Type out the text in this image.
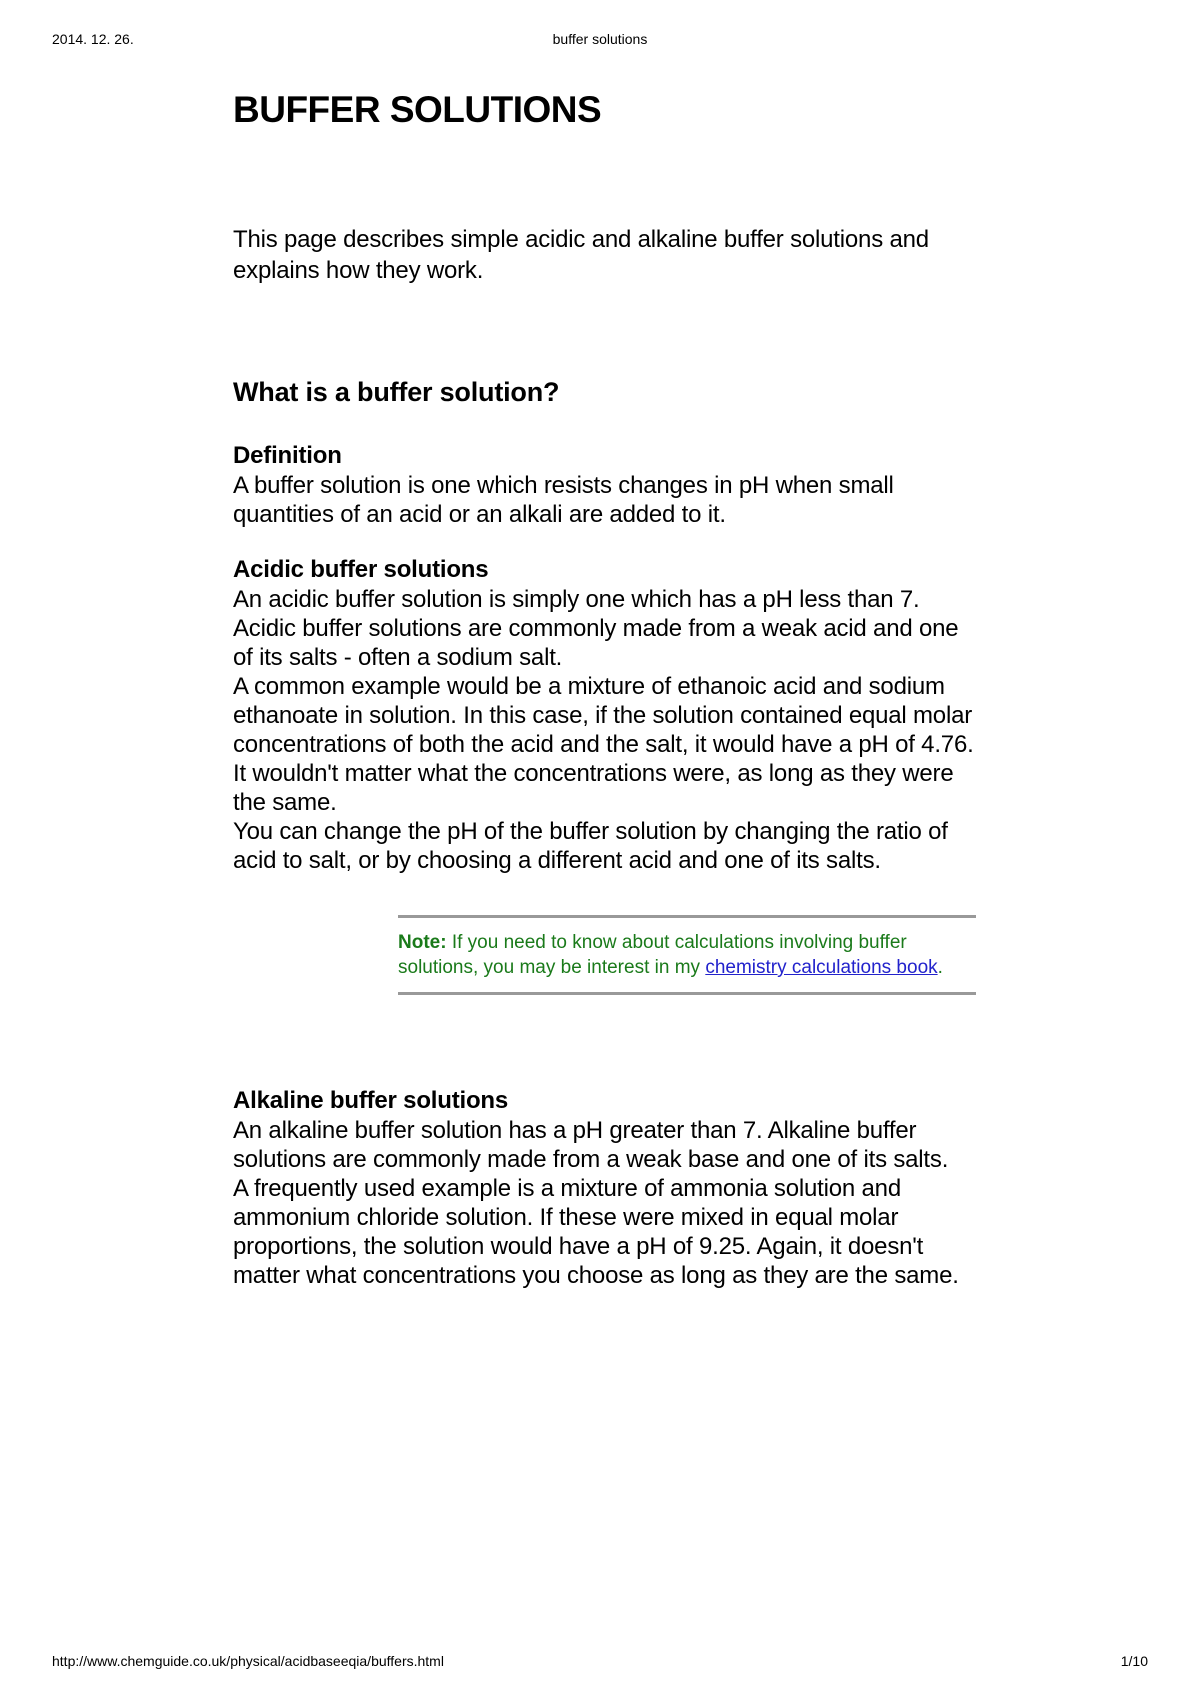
2014. 12. 26.	buffer solutions
BUFFER SOLUTIONS

This page describes simple acidic and alkaline buffer solutions and explains how they work.

What is a buffer solution?
Definition

A buffer solution is one which resists changes in pH when small quantities of an acid or an alkali are added to it.

Acidic buffer solutions

An acidic buffer solution is simply one which has a pH less than 7. Acidic buffer solutions are commonly made from a weak acid and one of its salts - often a sodium salt.

A common example would be a mixture of ethanoic acid and sodium ethanoate in solution. In this case, if the solution contained equal molar concentrations of both the acid and the salt, it would have a pH of 4.76. It wouldn't matter what the concentrations were, as long as they were the same.

You can change the pH of the buffer solution by changing the ratio of acid to salt, or by choosing a different acid and one of its salts.

Note: If you need to know about calculations involving buffer solutions, you may be interest in my chemistry calculations book.
Alkaline buffer solutions

An alkaline buffer solution has a pH greater than 7. Alkaline buffer solutions are commonly made from a weak base and one of its salts.

A frequently used example is a mixture of ammonia solution and ammonium chloride solution. If these were mixed in equal molar proportions, the solution would have a pH of 9.25. Again, it doesn't matter what concentrations you choose as long as they are the same.

http://www.chemguide.co.uk/physical/acidbaseeqia/buffers.html	1/10
